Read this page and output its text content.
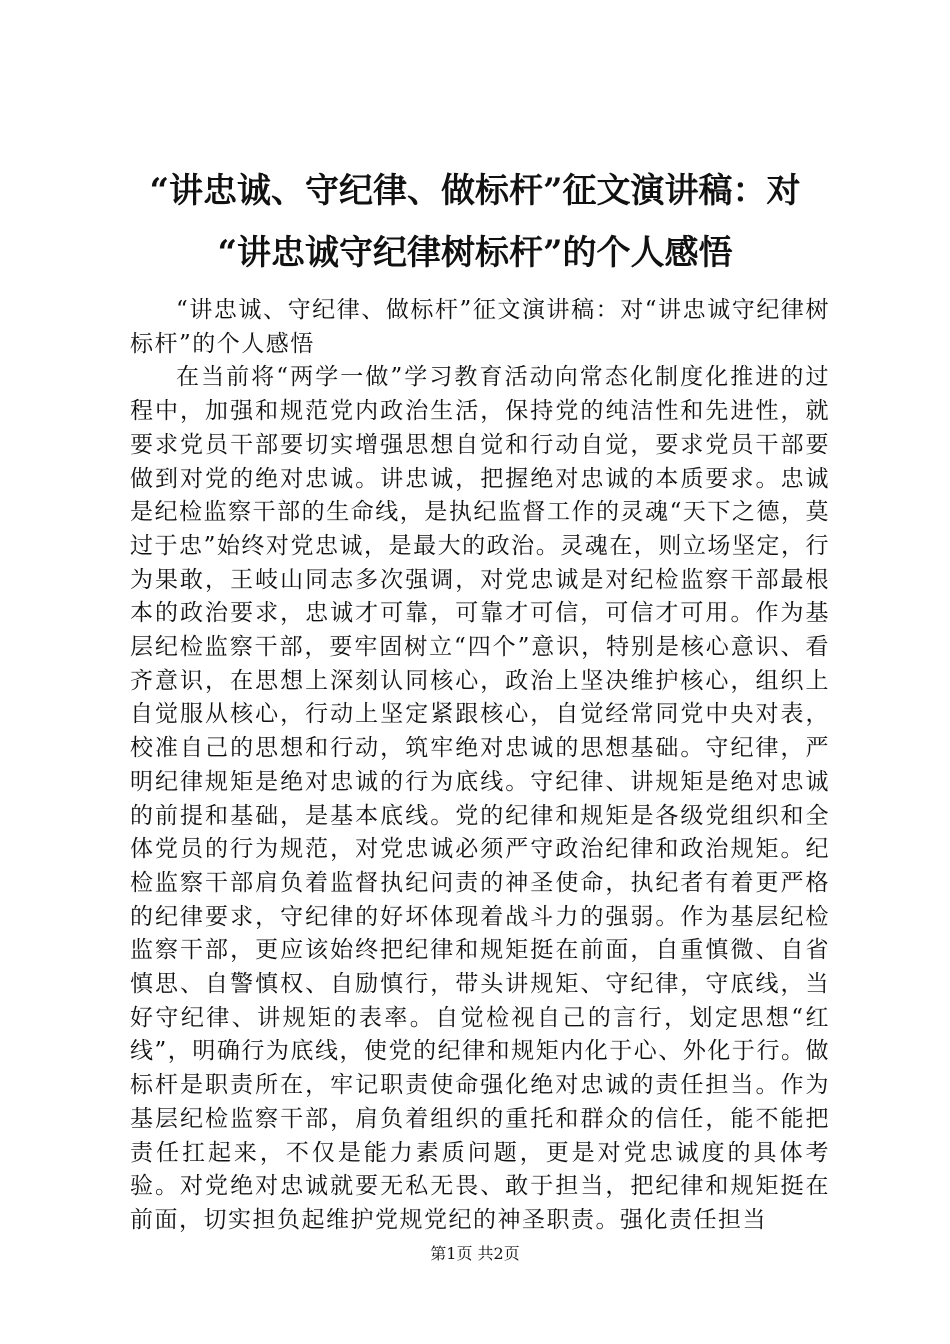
“讲忠诚、守纪律、做标杆”征文演讲稿：对
“讲忠诚守纪律树标杆”的个人感悟

“讲忠诚、守纪律、做标杆”征文演讲稿：对“讲忠诚守纪律树标杆”的个人感悟

在当前将“两学一做”学习教育活动向常态化制度化推进的过程中，加强和规范党内政治生活，保持党的纯洁性和先进性，就要求党员干部要切实增强思想自觉和行动自觉，要求党员干部要做到对党的绝对忠诚。讲忠诚，把握绝对忠诚的本质要求。忠诚是纪检监察干部的生命线，是执纪监督工作的灵魂“天下之德，莫过于忠”始终对党忠诚，是最大的政治。灵魂在，则立场坚定，行为果敢，王岐山同志多次强调，对党忠诚是对纪检监察干部最根本的政治要求，忠诚才可靠，可靠才可信，可信才可用。作为基层纪检监察干部，要牢固树立“四个”意识，特别是核心意识、看齐意识，在思想上深刻认同核心，政治上坚决维护核心，组织上自觉服从核心，行动上坚定紧跟核心，自觉经常同党中央对表，校准自己的思想和行动，筑牢绝对忠诚的思想基础。守纪律，严明纪律规矩是绝对忠诚的行为底线。守纪律、讲规矩是绝对忠诚的前提和基础，是基本底线。党的纪律和规矩是各级党组织和全体党员的行为规范，对党忠诚必须严守政治纪律和政治规矩。纪检监察干部肩负着监督执纪问责的神圣使命，执纪者有着更严格的纪律要求，守纪律的好坏体现着战斗力的强弱。作为基层纪检监察干部，更应该始终把纪律和规矩挺在前面，自重慎微、自省慎思、自警慎权、自励慎行，带头讲规矩、守纪律，守底线，当好守纪律、讲规矩的表率。自觉检视自己的言行，划定思想“红线”，明确行为底线，使党的纪律和规矩内化于心、外化于行。做标杆是职责所在，牢记职责使命强化绝对忠诚的责任担当。作为基层纪检监察干部，肩负着组织的重托和群众的信任，能不能把责任扛起来，不仅是能力素质问题，更是对党忠诚度的具体考验。对党绝对忠诚就要无私无畏、敢于担当，把纪律和规矩挺在前面，切实担负起维护党规党纪的神圣职责。强化责任担当

第1页 共2页
